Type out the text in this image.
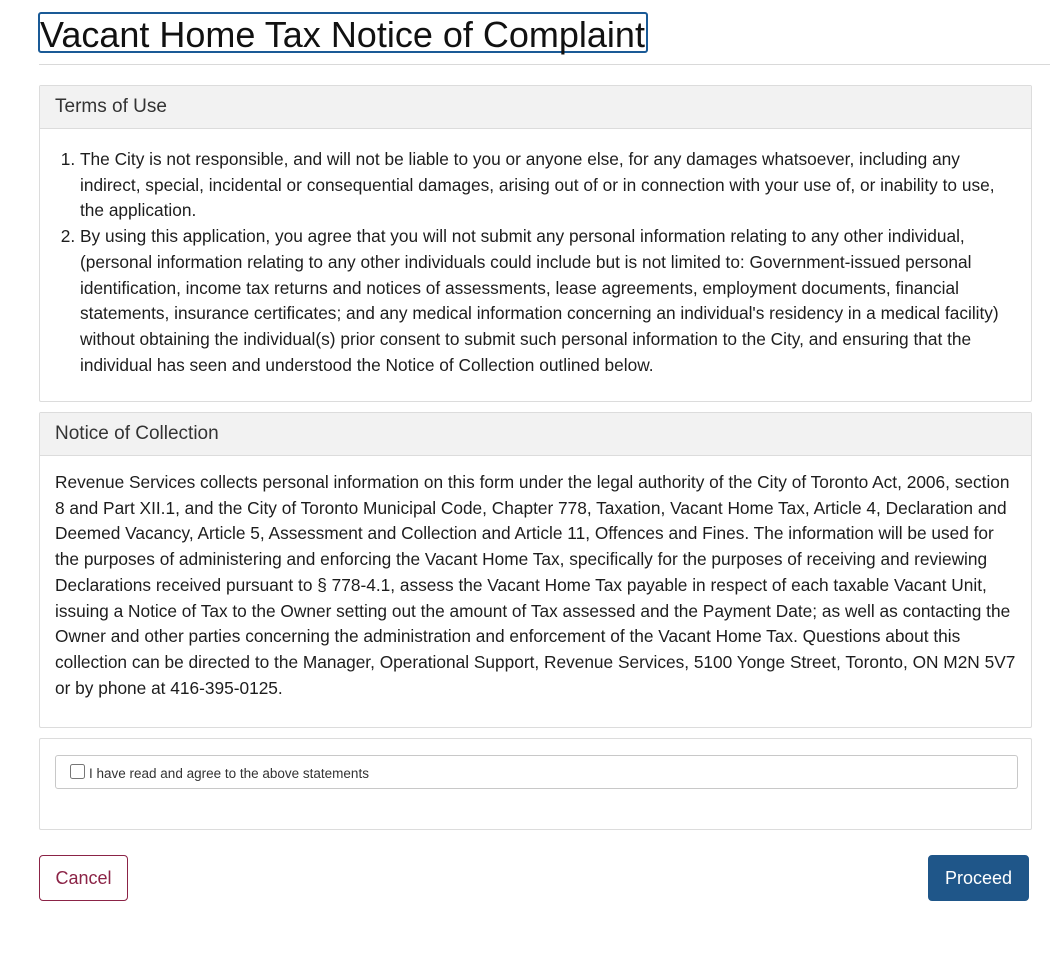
Vacant Home Tax Notice of Complaint
Terms of Use
1. The City is not responsible, and will not be liable to you or anyone else, for any damages whatsoever, including any indirect, special, incidental or consequential damages, arising out of or in connection with your use of, or inability to use, the application.
2. By using this application, you agree that you will not submit any personal information relating to any other individual, (personal information relating to any other individuals could include but is not limited to: Government-issued personal identification, income tax returns and notices of assessments, lease agreements, employment documents, financial statements, insurance certificates; and any medical information concerning an individual's residency in a medical facility) without obtaining the individual(s) prior consent to submit such personal information to the City, and ensuring that the individual has seen and understood the Notice of Collection outlined below.
Notice of Collection

Revenue Services collects personal information on this form under the legal authority of the City of Toronto Act, 2006, section 8 and Part XII.1, and the City of Toronto Municipal Code, Chapter 778, Taxation, Vacant Home Tax, Article 4, Declaration and Deemed Vacancy, Article 5, Assessment and Collection and Article 11, Offences and Fines. The information will be used for the purposes of administering and enforcing the Vacant Home Tax, specifically for the purposes of receiving and reviewing Declarations received pursuant to § 778-4.1, assess the Vacant Home Tax payable in respect of each taxable Vacant Unit, issuing a Notice of Tax to the Owner setting out the amount of Tax assessed and the Payment Date; as well as contacting the Owner and other parties concerning the administration and enforcement of the Vacant Home Tax. Questions about this collection can be directed to the Manager, Operational Support, Revenue Services, 5100 Yonge Street, Toronto, ON M2N 5V7 or by phone at 416-395-0125.

I have read and agree to the above statements
Cancel	Proceed
